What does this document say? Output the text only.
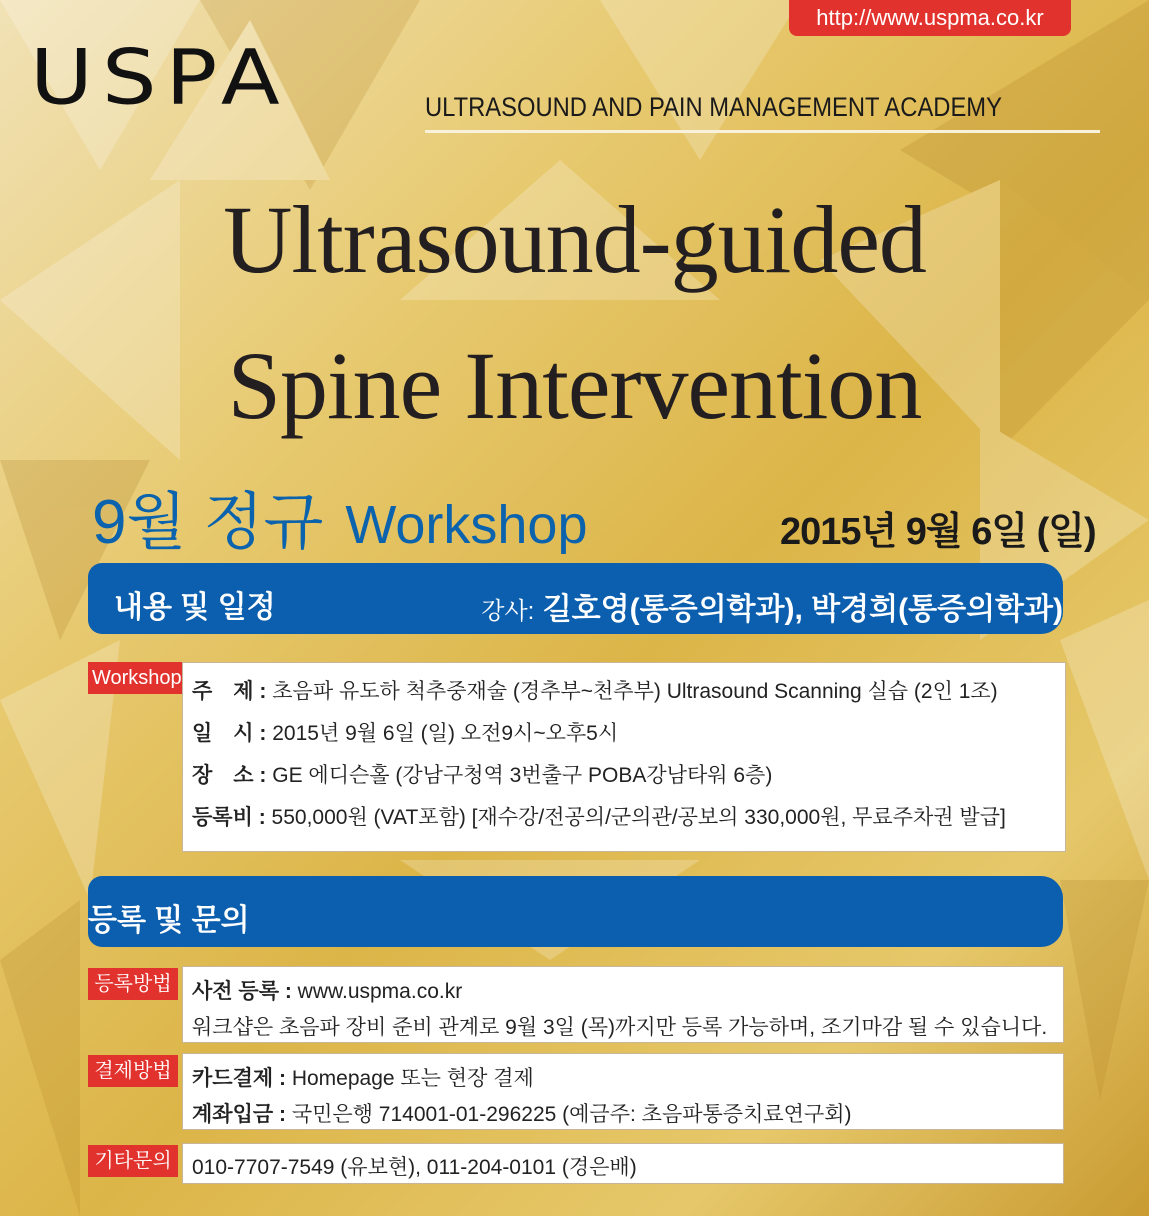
http://www.uspma.co.kr
USPA	ULTRASOUND AND PAIN MANAGEMENT ACADEMY
Ultrasound-guided
Spine Intervention
9월 정규 Workshop	2015년 9월 6일 (일)
내용 및 일정	강사: 길호영(통증의학과), 박경희(통증의학과)
Workshop
주　제 : 초음파 유도하 척추중재술 (경추부~천추부) Ultrasound Scanning 실습 (2인 1조)
일　시 : 2015년 9월 6일 (일) 오전9시~오후5시
장　소 : GE 에디슨홀 (강남구청역 3번출구 POBA강남타워 6층)
등록비 : 550,000원 (VAT포함) [재수강/전공의/군의관/공보의 330,000원, 무료주차권 발급]
등록 및 문의
등록방법 사전 등록 : www.uspma.co.kr
워크샵은 초음파 장비 준비 관계로 9월 3일 (목)까지만 등록 가능하며, 조기마감 될 수 있습니다.
결제방법 카드결제 : Homepage 또는 현장 결제
계좌입금 : 국민은행 714001-01-296225 (예금주: 초음파통증치료연구회)
기타문의 010-7707-7549 (유보현), 011-204-0101 (경은배)
